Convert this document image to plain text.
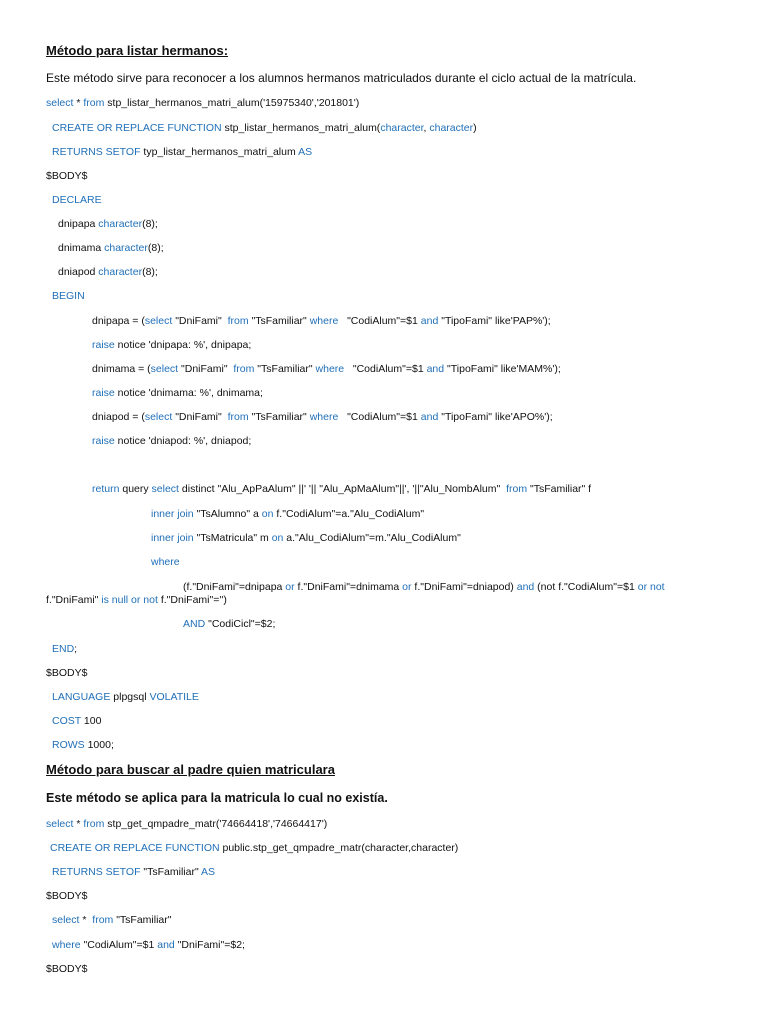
Método para listar hermanos:
Este método sirve para reconocer a los alumnos hermanos matriculados durante el ciclo actual de la matrícula.
select * from stp_listar_hermanos_matri_alum('15975340','201801')
CREATE OR REPLACE FUNCTION stp_listar_hermanos_matri_alum(character, character)
RETURNS SETOF typ_listar_hermanos_matri_alum AS
$BODY$
DECLARE
dnipapa character(8);
dnimama character(8);
dniapod character(8);
BEGIN
dnipapa = (select "DniFami"  from "TsFamiliar" where   "CodiAlum"=$1 and "TipoFami" like'PAP%');
raise notice 'dnipapa: %', dnipapa;
dnimama = (select "DniFami"  from "TsFamiliar" where   "CodiAlum"=$1 and "TipoFami" like'MAM%');
raise notice 'dnimama: %', dnimama;
dniapod = (select "DniFami"  from "TsFamiliar" where   "CodiAlum"=$1 and "TipoFami" like'APO%');
raise notice 'dniapod: %', dniapod;
return query select distinct "Alu_ApPaAlum" ||' '|| "Alu_ApMaAlum"||', '||"Alu_NombAlum"  from "TsFamiliar" f
inner join "TsAlumno" a on f."CodiAlum"=a."Alu_CodiAlum"
inner join "TsMatricula" m on a."Alu_CodiAlum"=m."Alu_CodiAlum"
where
(f."DniFami"=dnipapa or f."DniFami"=dnimama or f."DniFami"=dniapod) and (not f."CodiAlum"=$1 or not
f."DniFami" is null or not f."DniFami"='')
AND "CodiCicl"=$2;
END;
$BODY$
LANGUAGE plpgsql VOLATILE
COST 100
ROWS 1000;
Método para buscar al padre quien matriculara
Este método se aplica para la matricula lo cual no existía.
select * from stp_get_qmpadre_matr('74664418','74664417')
CREATE OR REPLACE FUNCTION public.stp_get_qmpadre_matr(character,character)
RETURNS SETOF "TsFamiliar" AS
$BODY$
select *  from "TsFamiliar"
where "CodiAlum"=$1 and "DniFami"=$2;
$BODY$
